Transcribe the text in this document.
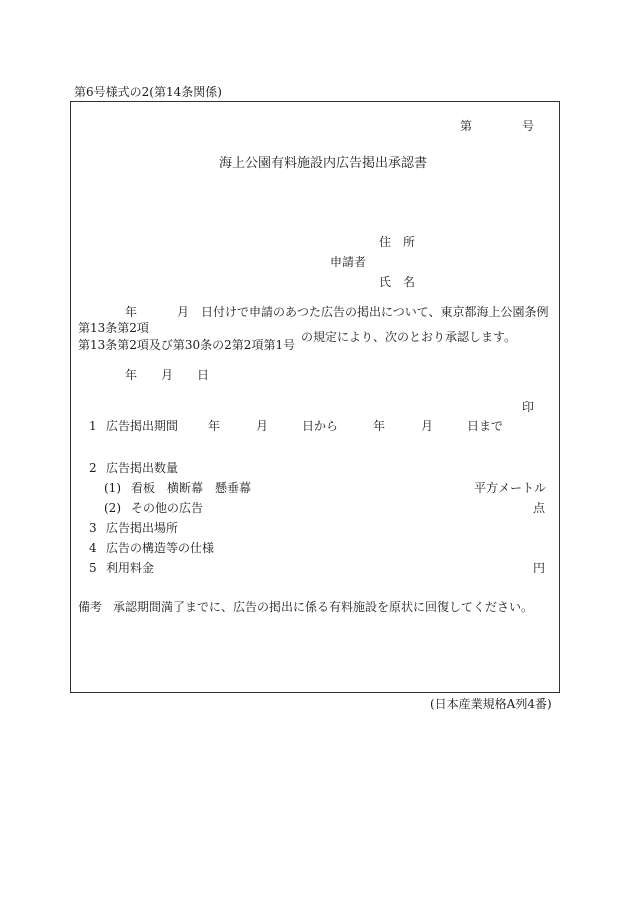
第6号様式の2(第14条関係)
第	号
海上公園有料施設内広告掲出承認書
住　所
申請者
氏　名
年	月 日付けで申請のあつた広告の掲出について、東京都海上公園条例
第13条第2項
第13条第2項及び第30条の2第2項第1号
の規定により、次のとおり承認します。
年 月 日
印
1 広告掲出期間 年	月	日から	年	月	日まで
2 広告掲出数量
(1) 看板　横断幕　懸垂幕	平方メートル
(2) その他の広告	点
3 広告掲出場所
4 広告の構造等の仕様
5 利用料金	円
備考 承認期間満了までに、広告の掲出に係る有料施設を原状に回復してください。
(日本産業規格A列4番)
